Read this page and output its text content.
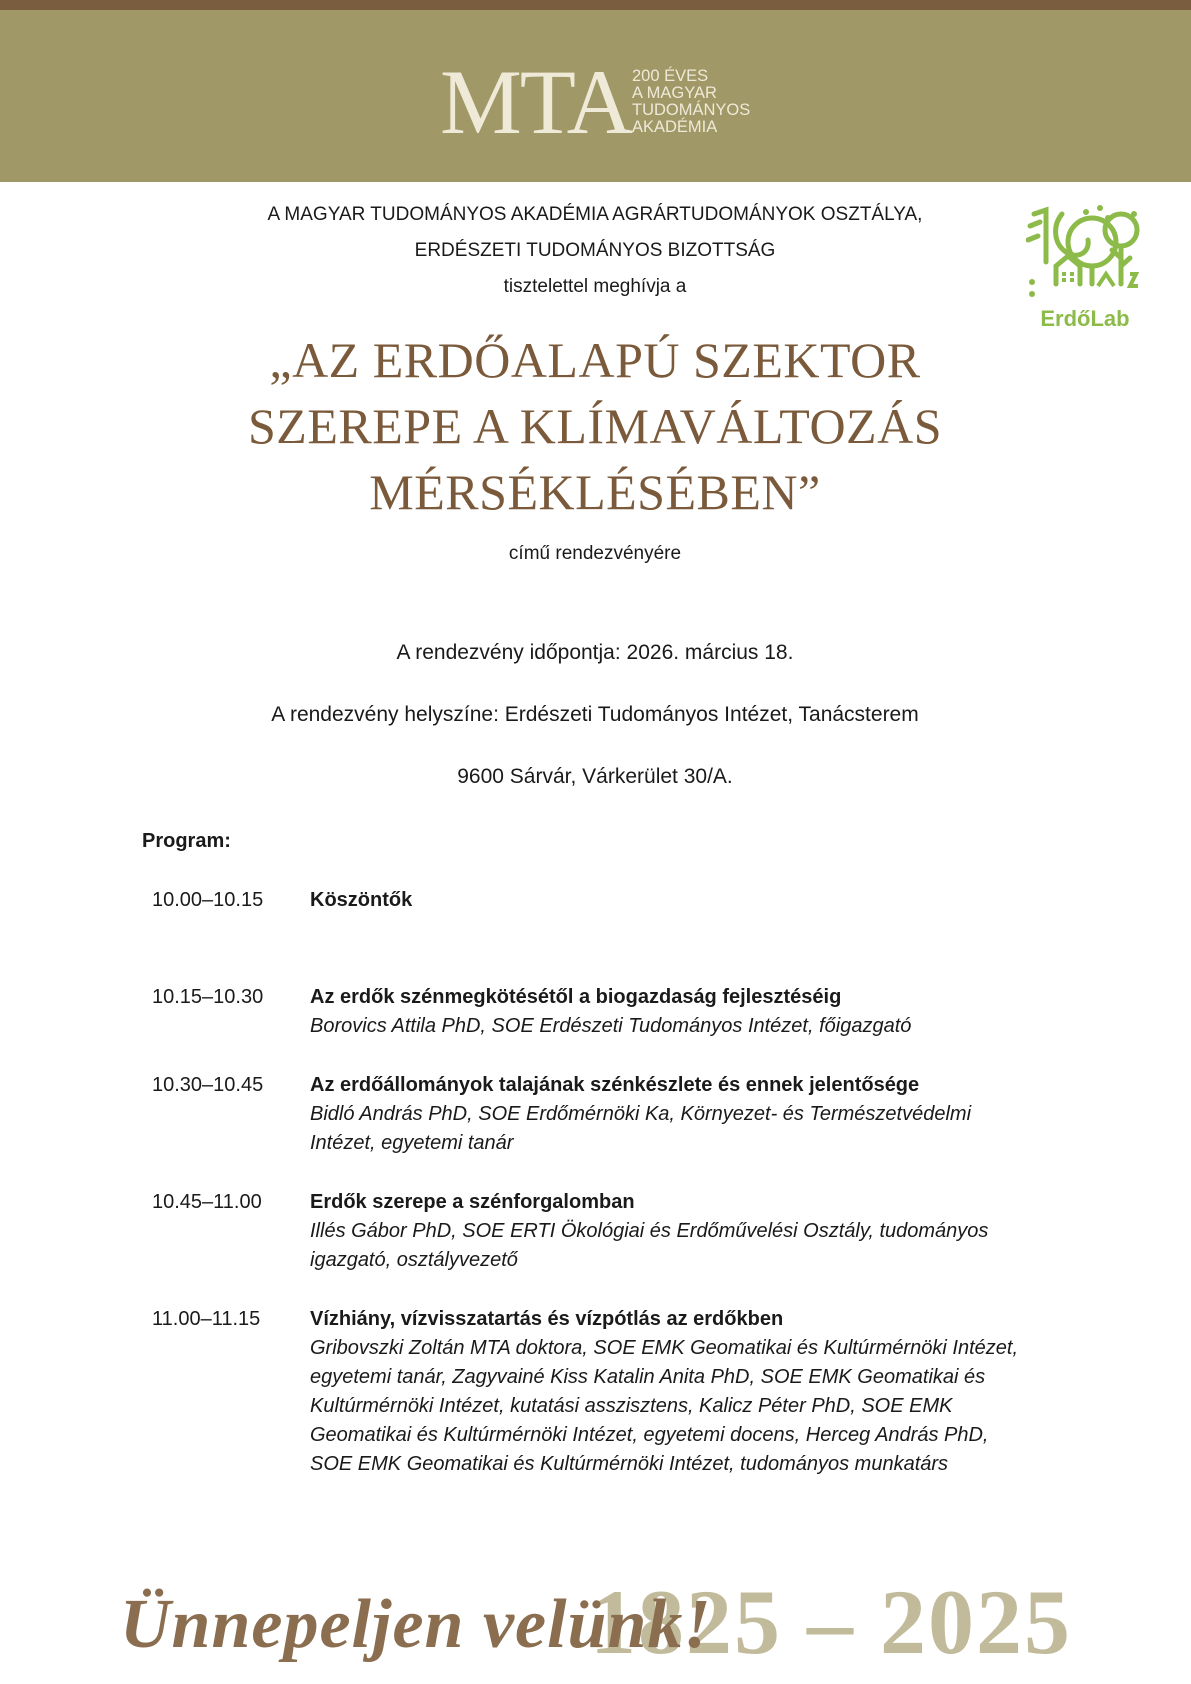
MTA 200 ÉVES
A MAGYAR
TUDOMÁNYOS
AKADÉMIA
ErdőLab
A MAGYAR TUDOMÁNYOS AKADÉMIA AGRÁRTUDOMÁNYOK OSZTÁLYA,
ERDÉSZETI TUDOMÁNYOS BIZOTTSÁG
tisztelettel meghívja a
„AZ ERDŐALAPÚ SZEKTOR
SZEREPE A KLÍMAVÁLTOZÁS
MÉRSÉKLÉSÉBEN”
című rendezvényére
A rendezvény időpontja: 2026. március 18.
A rendezvény helyszíne: Erdészeti Tudományos Intézet, Tanácsterem
9600 Sárvár, Várkerület 30/A.
Program:
10.00–10.15 Köszöntők
10.15–10.30 Az erdők szénmegkötésétől a biogazdaság fejlesztéséig
Borovics Attila PhD, SOE Erdészeti Tudományos Intézet, főigazgató
10.30–10.45 Az erdőállományok talajának szénkészlete és ennek jelentősége
Bidló András PhD, SOE Erdőmérnöki Ka, Környezet- és Természetvédelmi Intézet, egyetemi tanár
10.45–11.00 Erdők szerepe a szénforgalomban
Illés Gábor PhD, SOE ERTI Ökológiai és Erdőművelési Osztály, tudományos igazgató, osztályvezető
11.00–11.15 Vízhiány, vízvisszatartás és vízpótlás az erdőkben
Gribovszki Zoltán MTA doktora, SOE EMK Geomatikai és Kultúrmérnöki Intézet, egyetemi tanár, Zagyvainé Kiss Katalin Anita PhD, SOE EMK Geomatikai és Kultúrmérnöki Intézet, kutatási asszisztens, Kalicz Péter PhD, SOE EMK Geomatikai és Kultúrmérnöki Intézet, egyetemi docens, Herceg András PhD, SOE EMK Geomatikai és Kultúrmérnöki Intézet, tudományos munkatárs
1825 – 2025
Ünnepeljen velünk!
